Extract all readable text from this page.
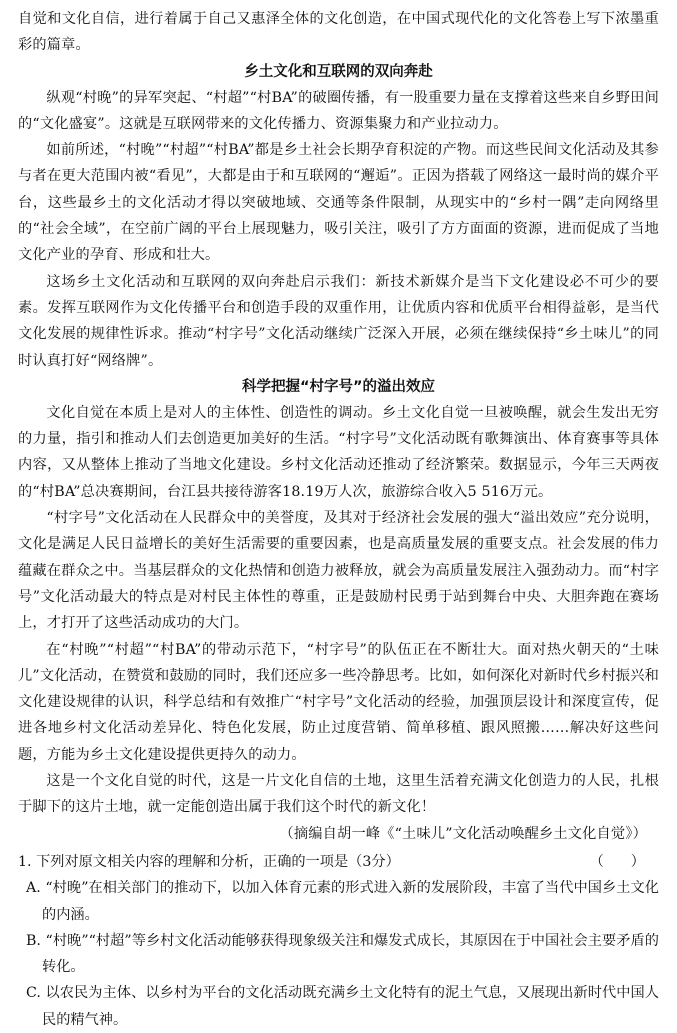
自觉和文化自信，进行着属于自己又惠泽全体的文化创造，在中国式现代化的文化答卷上写下浓墨重彩的篇章。

乡土文化和互联网的双向奔赴

纵观“村晚”的异军突起、“村超”“村BA”的破圈传播，有一股重要力量在支撑着这些来自乡野田间的“文化盛宴”。这就是互联网带来的文化传播力、资源集聚力和产业拉动力。

如前所述，“村晚”“村超”“村BA”都是乡土社会长期孕育积淀的产物。而这些民间文化活动及其参与者在更大范围内被“看见”，大都是由于和互联网的“邂逅”。正因为搭载了网络这一最时尚的媒介平台，这些最乡土的文化活动才得以突破地域、交通等条件限制，从现实中的“乡村一隅”走向网络里的“社会全域”，在空前广阔的平台上展现魅力，吸引关注，吸引了方方面面的资源，进而促成了当地文化产业的孕育、形成和壮大。

这场乡土文化活动和互联网的双向奔赴启示我们：新技术新媒介是当下文化建设必不可少的要素。发挥互联网作为文化传播平台和创造手段的双重作用，让优质内容和优质平台相得益彰，是当代文化发展的规律性诉求。推动“村字号”文化活动继续广泛深入开展，必须在继续保持“乡土味儿”的同时认真打好“网络牌”。

科学把握“村字号”的溢出效应

文化自觉在本质上是对人的主体性、创造性的调动。乡土文化自觉一旦被唤醒，就会生发出无穷的力量，指引和推动人们去创造更加美好的生活。“村字号”文化活动既有歌舞演出、体育赛事等具体内容，又从整体上推动了当地文化建设。乡村文化活动还推动了经济繁荣。数据显示，今年三天两夜的“村BA”总决赛期间，台江县共接待游客18.19万人次，旅游综合收入5 516万元。

“村字号”文化活动在人民群众中的美誉度，及其对于经济社会发展的强大“溢出效应”充分说明，文化是满足人民日益增长的美好生活需要的重要因素，也是高质量发展的重要支点。社会发展的伟力蕴藏在群众之中。当基层群众的文化热情和创造力被释放，就会为高质量发展注入强劲动力。而“村字号”文化活动最大的特点是对村民主体性的尊重，正是鼓励村民勇于站到舞台中央、大胆奔跑在赛场上，才打开了这些活动成功的大门。

在“村晚”“村超”“村BA”的带动示范下，“村字号”的队伍正在不断壮大。面对热火朝天的“土味儿”文化活动，在赞赏和鼓励的同时，我们还应多一些冷静思考。比如，如何深化对新时代乡村振兴和文化建设规律的认识，科学总结和有效推广“村字号”文化活动的经验，加强顶层设计和深度宣传，促进各地乡村文化活动差异化、特色化发展，防止过度营销、简单移植、跟风照搬……解决好这些问题，方能为乡土文化建设提供更持久的动力。

这是一个文化自觉的时代，这是一片文化自信的土地，这里生活着充满文化创造力的人民，扎根于脚下的这片土地，就一定能创造出属于我们这个时代的新文化！

（摘编自胡一峰《“土味儿”文化活动唤醒乡土文化自觉》）

1. 下列对原文相关内容的理解和分析，正确的一项是（3分）	（      ）
A. “村晚”在相关部门的推动下，以加入体育元素的形式进入新的发展阶段，丰富了当代中国乡土文化的内涵。
B. “村晚”“村超”等乡村文化活动能够获得现象级关注和爆发式成长，其原因在于中国社会主要矛盾的转化。
C. 以农民为主体、以乡村为平台的文化活动既充满乡土文化特有的泥土气息，又展现出新时代中国人民的精气神。
